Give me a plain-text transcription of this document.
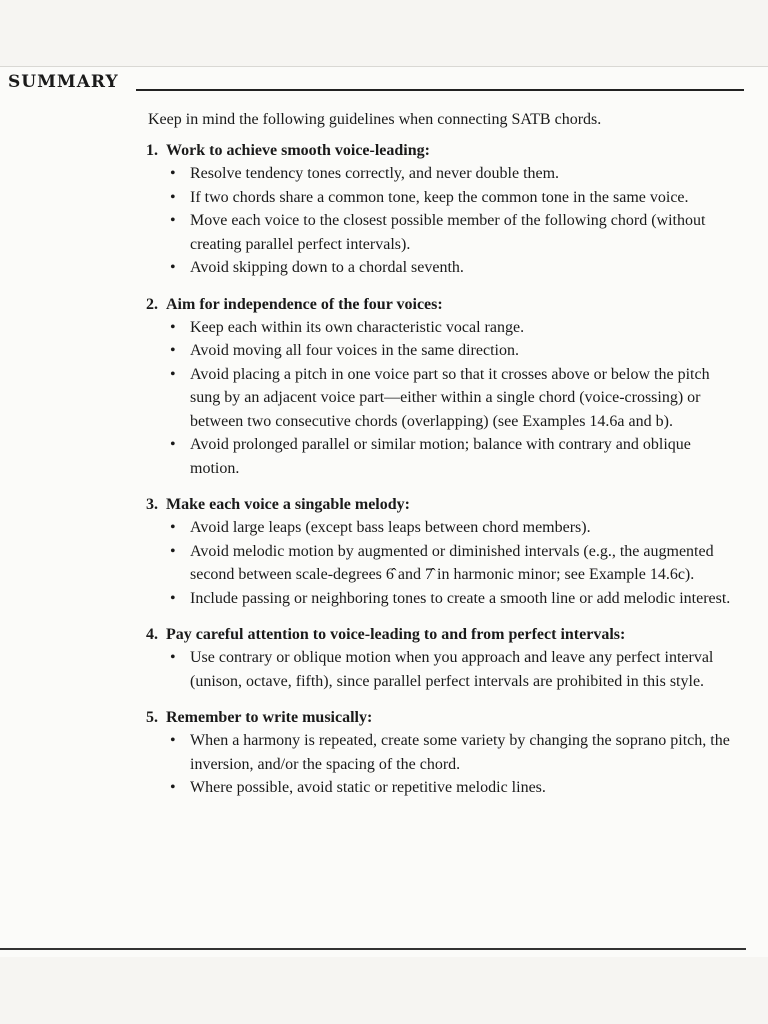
SUMMARY

Keep in mind the following guidelines when connecting SATB chords.

1. Work to achieve smooth voice-leading:
• Resolve tendency tones correctly, and never double them.
• If two chords share a common tone, keep the common tone in the same voice.
• Move each voice to the closest possible member of the following chord (without creating parallel perfect intervals).
• Avoid skipping down to a chordal seventh.
2. Aim for independence of the four voices:
• Keep each within its own characteristic vocal range.
• Avoid moving all four voices in the same direction.
• Avoid placing a pitch in one voice part so that it crosses above or below the pitch sung by an adjacent voice part—either within a single chord (voice-crossing) or between two consecutive chords (overlapping) (see Examples 14.6a and b).
• Avoid prolonged parallel or similar motion; balance with contrary and oblique motion.
3. Make each voice a singable melody:
• Avoid large leaps (except bass leaps between chord members).
• Avoid melodic motion by augmented or diminished intervals (e.g., the augmented second between scale-degrees 6̂ and 7̂ in harmonic minor; see Example 14.6c).
• Include passing or neighboring tones to create a smooth line or add melodic interest.
4. Pay careful attention to voice-leading to and from perfect intervals:
• Use contrary or oblique motion when you approach and leave any perfect interval (unison, octave, fifth), since parallel perfect intervals are prohibited in this style.
5. Remember to write musically:
• When a harmony is repeated, create some variety by changing the soprano pitch, the inversion, and/or the spacing of the chord.
• Where possible, avoid static or repetitive melodic lines.
